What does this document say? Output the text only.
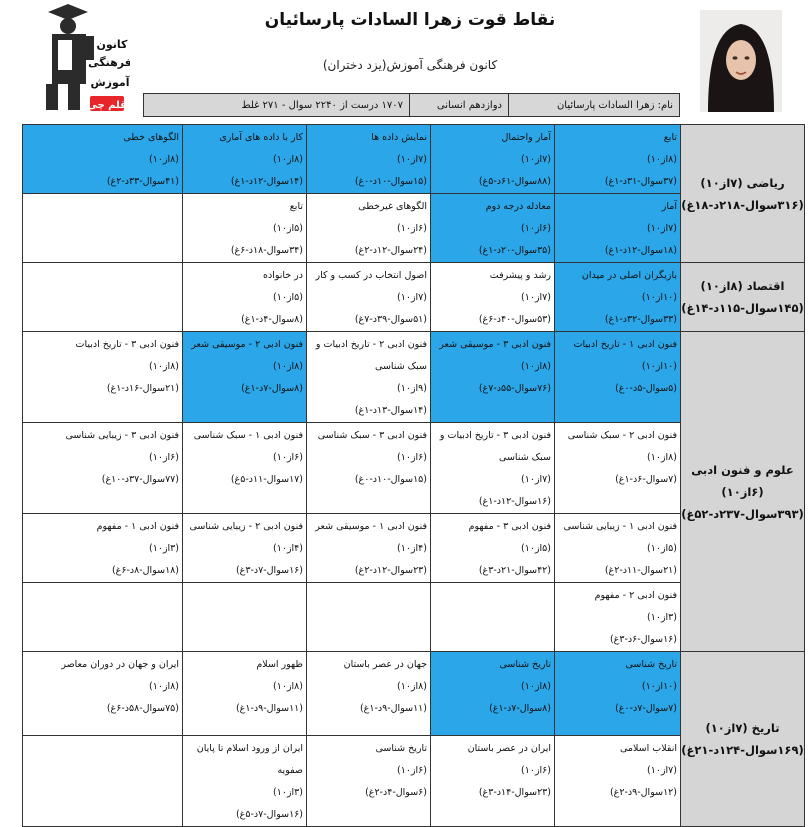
کانون
فرهنگی
آموزش
قلم چی
نقاط قوت زهرا السادات پارسائیان
کانون فرهنگی آموزش(یزد دختران)
نام: زهرا السادات پارسائیان
دوازدهم انسانی
۱۷۰۷ درست از ۲۲۴۰ سوال - ۲۷۱ غلط
ریاضی (۷از۱۰) (۳۱۶سوال-۲۱۸د-۱۸غ)	تابع
(۸از۱۰)
(۳۷سوال-۳۱د-۱غ)	آمار واحتمال
(۷از۱۰)
(۸۸سوال-۶۱د-۵غ)	نمایش داده ها
(۷از۱۰)
(۱۵سوال-۱۰د-۰غ)	کار با داده ها‌ی آماری
(۸از۱۰)
(۱۴سوال-۱۲د-۱غ)	الگوهای خطی
(۸از۱۰)
(۴۱سوال-۳۳د-۲غ)

	آمار
(۷از۱۰)
(۱۸سوال-۱۲د-۱غ)	معادله درجه دوم
(۶از۱۰)
(۳۵سوال-۲۰د-۱غ)	الگوهای غیرخطی
(۶از۱۰)
(۲۴سوال-۱۲د-۲غ)	تابع
(۵از۱۰)
(۳۴سوال-۱۸د-۶غ)	

اقتصاد (۸از۱۰) (۱۴۵سوال-۱۱۵د-۱۴غ)	بازیگران اصلی در میدان
(۱۰از۱۰)
(۳۳سوال-۳۲د-۱غ)	رشد و پیشرفت
(۷از۱۰)
(۵۳سوال-۴۰د-۶غ)	اصول انتخاب در کسب و کار
(۷از۱۰)
(۵۱سوال-۳۹د-۷غ)	در خانواده
(۵از۱۰)
(۸سوال-۴د-۱غ)	

علوم و فنون ادبی (۶از۱۰) (۳۹۳سوال-۲۳۷د-۵۲غ)	فنون ادبی ۱ - تاریخ ادبیات
(۱۰از۱۰)
(۵سوال-۵د-۰غ)	فنون ادبی ۳ - موسیقی شعر
(۸از۱۰)
(۷۶سوال-۵۵د-۷غ)	فنون ادبی ۲ - تاریخ ادبیات و سبک شناسی
(۹از۱۰)
(۱۴سوال-۱۳د-۱غ)	فنون ادبی ۲ - موسیقی شعر
(۸از۱۰)
(۸سوال-۷د-۱غ)	فنون ادبی ۳ - تاریخ ادبیات
(۸از۱۰)
(۲۱سوال-۱۶د-۱غ)

	فنون ادبی ۲ - سبک شناسی
(۸از۱۰)
(۷سوال-۶د-۱غ)	فنون ادبی ۳ - تاریخ ادبیات و سبک شناسی
(۷از۱۰)
(۱۶سوال-۱۲د-۱غ)	فنون ادبی ۳ - سبک شناسی
(۶از۱۰)
(۱۵سوال-۱۰د-۰غ)	فنون ادبی ۱ - سبک شناسی
(۶از۱۰)
(۱۷سوال-۱۱د-۵غ)	فنون ادبی ۳ - زیبایی شناسی
(۶از۱۰)
(۷۷سوال-۳۷د-۱۰غ)

	فنون ادبی ۱ - زیبایی شناسی
(۵از۱۰)
(۲۱سوال-۱۱د-۲غ)	فنون ادبی ۳ - مفهوم
(۵از۱۰)
(۴۲سوال-۲۱د-۳غ)	فنون ادبی ۱ - موسیقی شعر
(۴از۱۰)
(۲۳سوال-۱۲د-۲غ)	فنون ادبی ۲ - زیبایی شناسی
(۴از۱۰)
(۱۶سوال-۷د-۳غ)	فنون ادبی ۱ - مفهوم
(۳از۱۰)
(۱۸سوال-۸د-۶غ)

	فنون ادبی ۲ - مفهوم
(۳از۱۰)
(۱۶سوال-۶د-۳غ)				

تاریخ (۷از۱۰) (۱۶۹سوال-۱۲۴د-۲۱غ)	تاریخ شناسی
(۱۰از۱۰)
(۷سوال-۷د-۰غ)	تاریخ شناسی
(۸از۱۰)
(۸سوال-۷د-۱غ)	جهان در عصر باستان
(۸از۱۰)
(۱۱سوال-۹د-۱غ)	ظهور اسلام
(۸از۱۰)
(۱۱سوال-۹د-۱غ)	ایران و جهان در دوران معاصر
(۸از۱۰)
(۷۵سوال-۵۸د-۶غ)

	انقلاب اسلامی
(۷از۱۰)
(۱۲سوال-۹د-۲غ)	ایران در عصر باستان
(۶از۱۰)
(۲۳سوال-۱۴د-۳غ)	تاریخ شناسی
(۶از۱۰)
(۶سوال-۴د-۲غ)	ایران از ورود اسلام تا پایان صفویه
(۳از۱۰)
(۱۶سوال-۷د-۵غ)	
